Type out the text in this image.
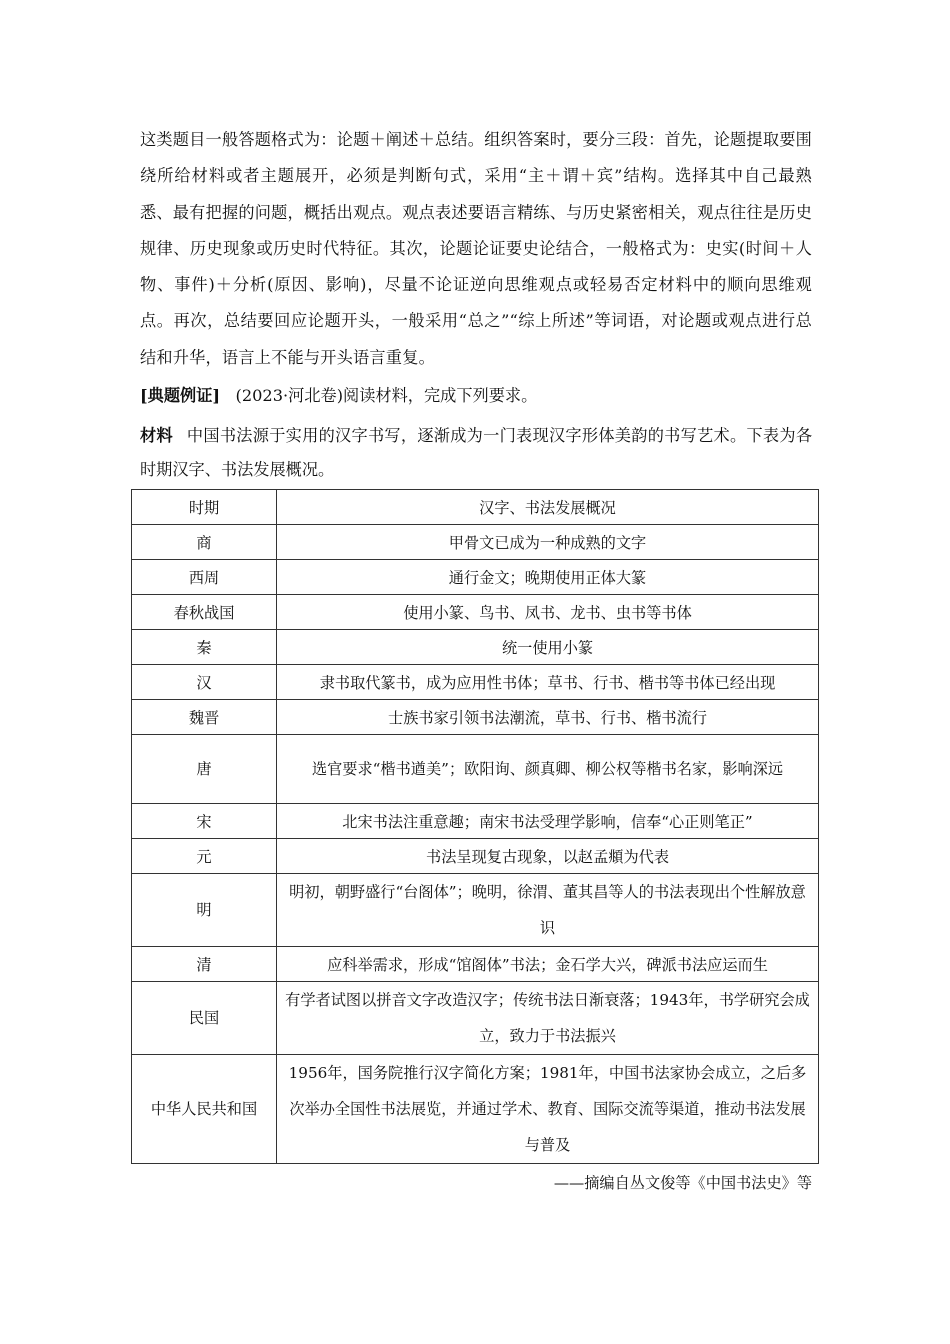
这类题目一般答题格式为：论题＋阐述＋总结。组织答案时，要分三段：首先，论题提取要围绕所给材料或者主题展开，必须是判断句式，采用“主＋谓＋宾”结构。选择其中自己最熟悉、最有把握的问题，概括出观点。观点表述要语言精练、与历史紧密相关，观点往往是历史规律、历史现象或历史时代特征。其次，论题论证要史论结合，一般格式为：史实(时间＋人物、事件)＋分析(原因、影响)，尽量不论证逆向思维观点或轻易否定材料中的顺向思维观点。再次，总结要回应论题开头，一般采用“总之”“综上所述”等词语，对论题或观点进行总结和升华，语言上不能与开头语言重复。

[典题例证] (2023·河北卷)阅读材料，完成下列要求。

材料 中国书法源于实用的汉字书写，逐渐成为一门表现汉字形体美韵的书写艺术。下表为各时期汉字、书法发展概况。

时期	汉字、书法发展概况
商	甲骨文已成为一种成熟的文字
西周	通行金文；晚期使用正体大篆
春秋战国	使用小篆、鸟书、凤书、龙书、虫书等书体
秦	统一使用小篆
汉	隶书取代篆书，成为应用性书体；草书、行书、楷书等书体已经出现
魏晋	士族书家引领书法潮流，草书、行书、楷书流行
唐	选官要求“楷书遒美”；欧阳询、颜真卿、柳公权等楷书名家，影响深远
宋	北宋书法注重意趣；南宋书法受理学影响，信奉“心正则笔正”
元	书法呈现复古现象，以赵孟頫为代表
明	明初，朝野盛行“台阁体”；晚明，徐渭、董其昌等人的书法表现出个性解放意识
清	应科举需求，形成“馆阁体”书法；金石学大兴，碑派书法应运而生
民国	有学者试图以拼音文字改造汉字；传统书法日渐衰落；1943年，书学研究会成立，致力于书法振兴
中华人民共和国	1956年，国务院推行汉字简化方案；1981年，中国书法家协会成立，之后多次举办全国性书法展览，并通过学术、教育、国际交流等渠道，推动书法发展与普及

——摘编自丛文俊等《中国书法史》等
